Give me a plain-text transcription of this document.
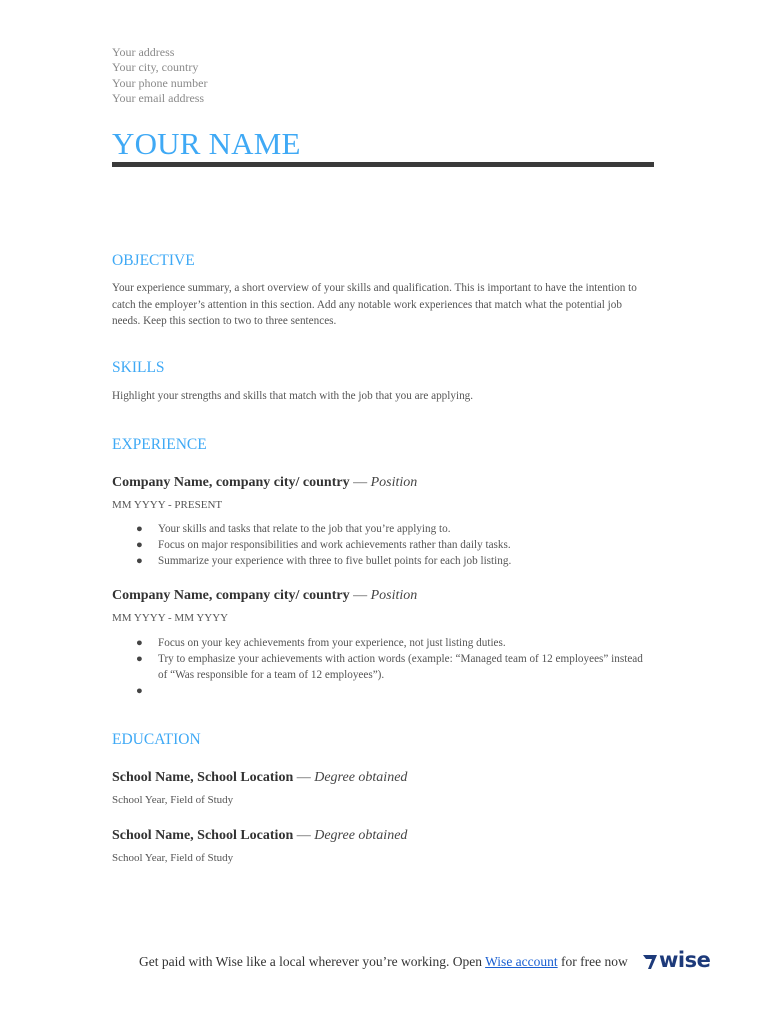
Your address
Your city, country
Your phone number
Your email address
YOUR NAME
OBJECTIVE
Your experience summary, a short overview of your skills and qualification. This is important to have the intention to catch the employer’s attention in this section. Add any notable work experiences that match what the potential job needs. Keep this section to two to three sentences.
SKILLS
Highlight your strengths and skills that match with the job that you are applying.
EXPERIENCE
Company Name, company city/ country — Position
MM YYYY - PRESENT
● Your skills and tasks that relate to the job that you’re applying to.
● Focus on major responsibilities and work achievements rather than daily tasks.
● Summarize your experience with three to five bullet points for each job listing.
Company Name, company city/ country — Position
MM YYYY - MM YYYY
● Focus on your key achievements from your experience, not just listing duties.
● Try to emphasize your achievements with action words (example: “Managed team of 12 employees” instead of “Was responsible for a team of 12 employees”).
●
EDUCATION
School Name, School Location — Degree obtained
School Year, Field of Study
School Name, School Location — Degree obtained
School Year, Field of Study
Get paid with Wise like a local wherever you’re working. Open Wise account for free now wise
